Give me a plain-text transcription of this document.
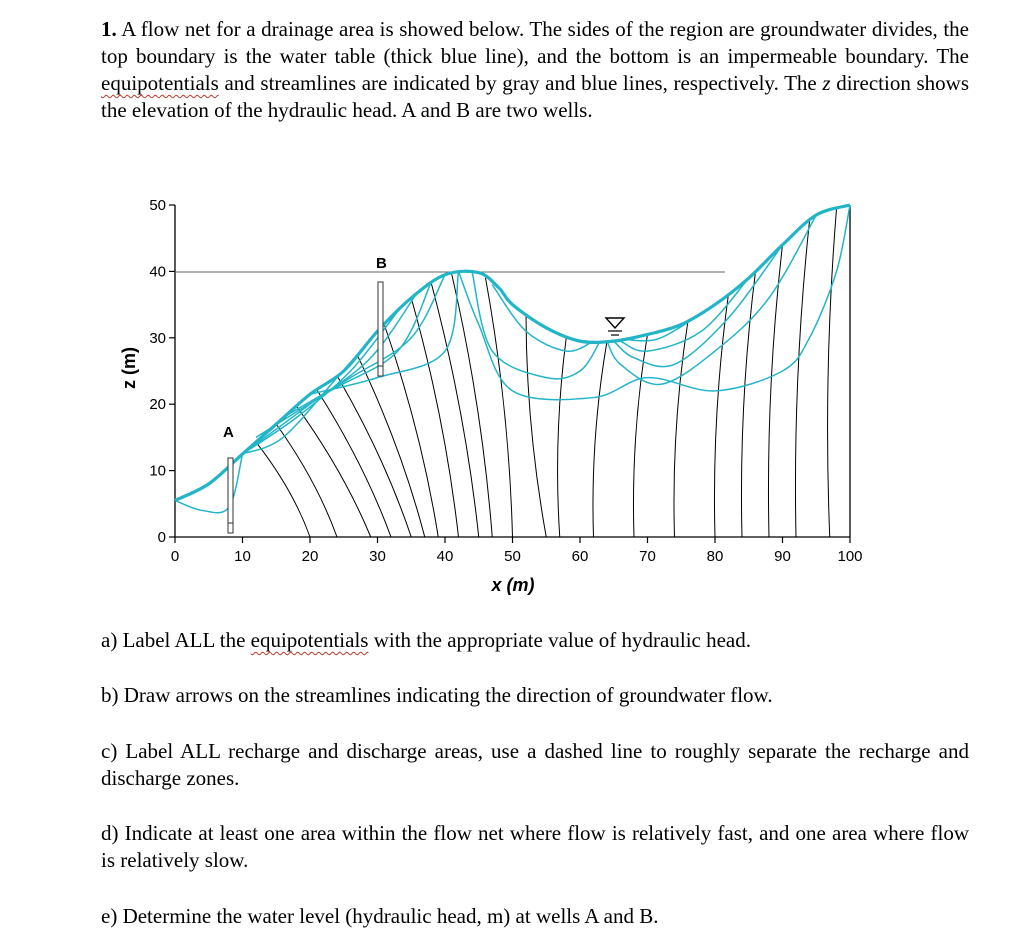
1. A flow net for a drainage area is showed below. The sides of the region are groundwater divides, the top boundary is the water table (thick blue line), and the bottom is an impermeable boundary. The equipotentials and streamlines are indicated by gray and blue lines, respectively. The z direction shows the elevation of the hydraulic head. A and B are two wells.

0
10
20
30
40
50
0	10	20	30	40	50	60	70	80	90	100
A
B
z (m)
x (m)

a) Label ALL the equipotentials with the appropriate value of hydraulic head.

b) Draw arrows on the streamlines indicating the direction of groundwater flow.

c) Label ALL recharge and discharge areas, use a dashed line to roughly separate the recharge and discharge zones.

d) Indicate at least one area within the flow net where flow is relatively fast, and one area where flow is relatively slow.

e) Determine the water level (hydraulic head, m) at wells A and B.
